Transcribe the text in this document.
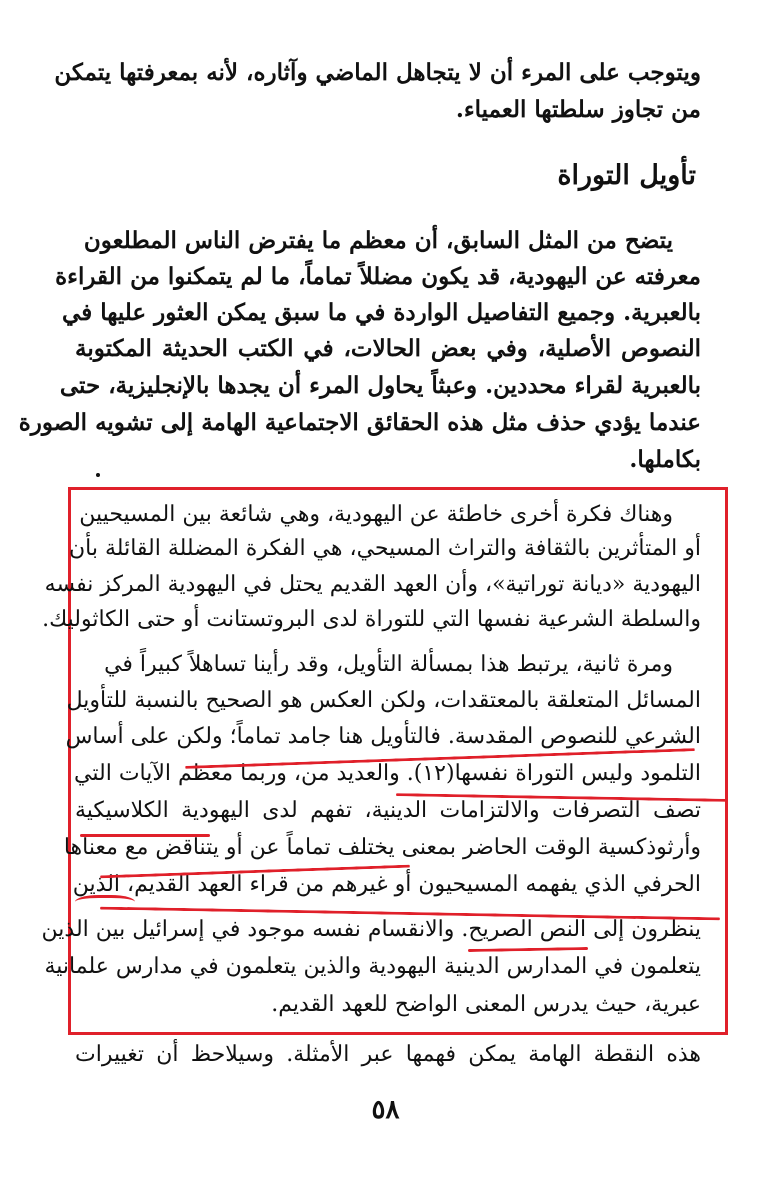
ويتوجب على المرء أن لا يتجاهل الماضي وآثاره، لأنه بمعرفتها يتمكن
من تجاوز سلطتها العمياء.
تأويل التوراة
يتضح من المثل السابق، أن معظم ما يفترض الناس المطلعون
معرفته عن اليهودية، قد يكون مضللاً تماماً، ما لم يتمكنوا من القراءة
بالعبرية. وجميع التفاصيل الواردة في ما سبق يمكن العثور عليها في
النصوص الأصلية، وفي بعض الحالات، في الكتب الحديثة المكتوبة
بالعبرية لقراء محددين. وعبثاً يحاول المرء أن يجدها بالإنجليزية، حتى
عندما يؤدي حذف مثل هذه الحقائق الاجتماعية الهامة إلى تشويه الصورة
بكاملها.
وهناك فكرة أخرى خاطئة عن اليهودية، وهي شائعة بين المسيحيين
أو المتأثرين بالثقافة والتراث المسيحي، هي الفكرة المضللة القائلة بأن
اليهودية «ديانة توراتية»، وأن العهد القديم يحتل في اليهودية المركز نفسه
والسلطة الشرعية نفسها التي للتوراة لدى البروتستانت أو حتى الكاثوليك.
ومرة ثانية، يرتبط هذا بمسألة التأويل، وقد رأينا تساهلاً كبيراً في
المسائل المتعلقة بالمعتقدات، ولكن العكس هو الصحيح بالنسبة للتأويل
الشرعي للنصوص المقدسة. فالتأويل هنا جامد تماماً؛ ولكن على أساس
التلمود وليس التوراة نفسها(١٢). والعديد من، وربما معظم الآيات التي
تصف التصرفات والالتزامات الدينية، تفهم لدى اليهودية الكلاسيكية
وأرثوذكسية الوقت الحاضر بمعنى يختلف تماماً عن أو يتناقض مع معناها
الحرفي الذي يفهمه المسيحيون أو غيرهم من قراء العهد القديم، الذين
ينظرون إلى النص الصريح. والانقسام نفسه موجود في إسرائيل بين الذين
يتعلمون في المدارس الدينية اليهودية والذين يتعلمون في مدارس علمانية
عبرية، حيث يدرس المعنى الواضح للعهد القديم.
هذه النقطة الهامة يمكن فهمها عبر الأمثلة. وسيلاحظ أن تغييرات
٥٨
